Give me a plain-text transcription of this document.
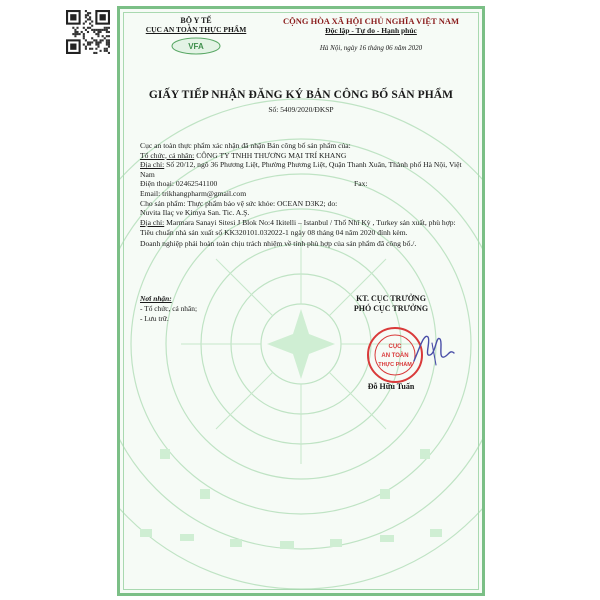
BỘ Y TẾ
CỤC AN TOÀN THỰC PHẨM
VFA
CỘNG HÒA XÃ HỘI CHỦ NGHĨA VIỆT NAM
Độc lập - Tự do - Hạnh phúc
Hà Nội, ngày 16 tháng 06 năm 2020
GIẤY TIẾP NHẬN ĐĂNG KÝ BẢN CÔNG BỐ SẢN PHẨM
Số: 5409/2020/ĐKSP

Cục an toàn thực phẩm xác nhận đã nhận Bản công bố sản phẩm của:

Tổ chức, cá nhân: CÔNG TY TNHH THƯƠNG MẠI TRÍ KHANG

Địa chỉ: Số 20/12, ngõ 36 Phương Liệt, Phường Phương Liệt, Quận Thanh Xuân, Thành phố Hà Nội, Việt Nam

Điện thoại: 02462541100	Fax:

Email: trikhangpharm@gmail.com

Cho sản phẩm: Thực phẩm bảo vệ sức khỏe: OCEAN D3K2; do:

Nuvita Ilaç ve Kimya San. Tic. A.Ş.

Địa chỉ: Marmara Sanayi Sitesi J Blok No:4 Ikitelli – Istanbul / Thổ Nhĩ Kỳ , Turkey sản xuất, phù hợp:

Tiêu chuẩn nhà sản xuất số KK320101.032022-1 ngày 08 tháng 04 năm 2020 đính kèm.

Doanh nghiệp phải hoàn toàn chịu trách nhiệm về tính phù hợp của sản phẩm đã công bố./.

Nơi nhận:
- Tổ chức, cá nhân;
- Lưu trữ.
KT. CỤC TRƯỞNG
PHÓ CỤC TRƯỞNG
CỤC
AN TOÀN
THỰC PHẨM
Đỗ Hữu Tuấn
